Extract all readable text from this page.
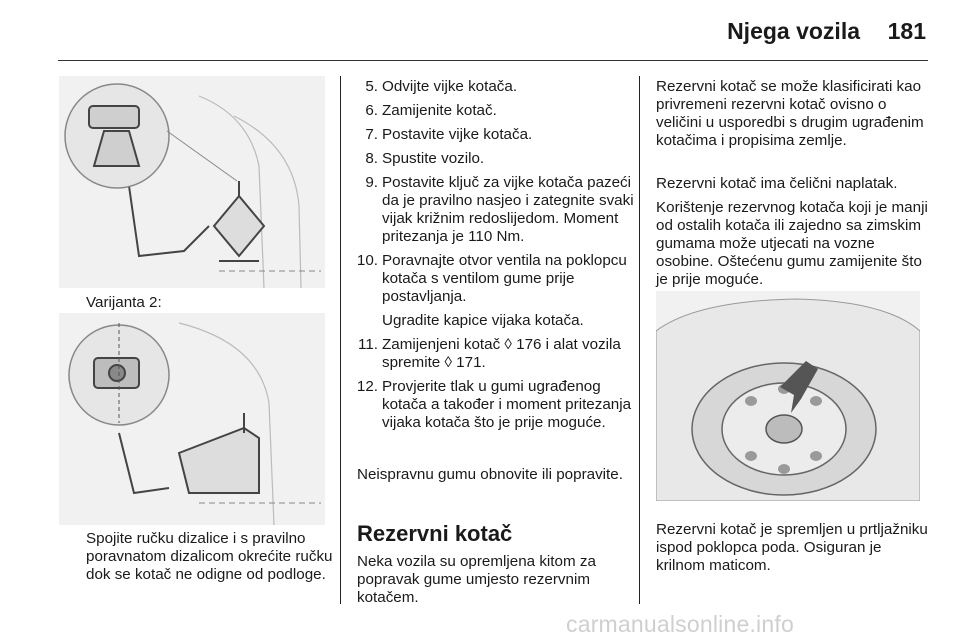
Njega vozila	181
Varijanta 2:

Spojite ručku dizalice i s pravilno poravnatom dizalicom okrećite ručku dok se kotač ne odigne od podloge.

5. Odvijte vijke kotača.
6. Zamijenite kotač.
7. Postavite vijke kotača.
8. Spustite vozilo.
9. Postavite ključ za vijke kotača pazeći da je pravilno nasjeo i zategnite svaki vijak križnim redoslijedom. Moment pritezanja je 110 Nm.
10. Poravnajte otvor ventila na poklopcu kotača s ventilom gume prije postavljanja.
Ugradite kapice vijaka kotača.
11. Zamijenjeni kotač ◊ 176 i alat vozila spremite ◊ 171.
12. Provjerite tlak u gumi ugrađenog kotača a također i moment pritezanja vijaka kotača što je prije moguće.

Neispravnu gumu obnovite ili popravite.

Rezervni kotač

Neka vozila su opremljena kitom za popravak gume umjesto rezervnim kotačem.

Rezervni kotač se može klasificirati kao privremeni rezervni kotač ovisno o veličini u usporedbi s drugim ugrađenim kotačima i propisima zemlje.

Rezervni kotač ima čelični naplatak.

Korištenje rezervnog kotača koji je manji od ostalih kotača ili zajedno sa zimskim gumama može utjecati na vozne osobine. Oštećenu gumu zamijenite što je prije moguće.

Rezervni kotač je spremljen u prtljažniku ispod poklopca poda. Osiguran je krilnom maticom.

carmanualsonline.info
